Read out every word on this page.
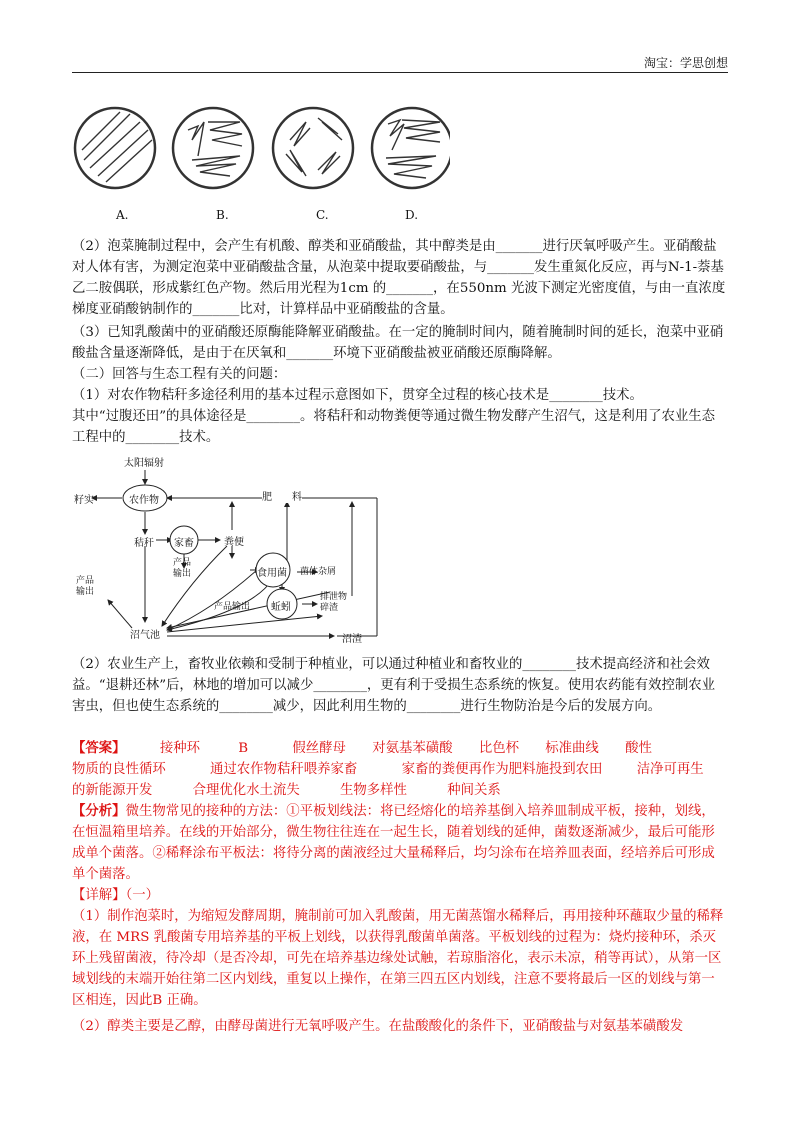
淘宝：学思创想
A.	B.	C.	D.
（2）泡菜腌制过程中，会产生有机酸、醇类和亚硝酸盐，其中醇类是由_______进行厌氧呼吸产生。亚硝酸盐对人体有害，为测定泡菜中亚硝酸盐含量，从泡菜中提取要硝酸盐，与_______发生重氮化反应，再与N-1-萘基乙二胺偶联，形成紫红色产物。然后用光程为1cm 的_______，在550nm 光波下测定光密度值，与由一直浓度梯度亚硝酸钠制作的_______比对，计算样品中亚硝酸盐的含量。
（3）已知乳酸菌中的亚硝酸还原酶能降解亚硝酸盐。在一定的腌制时间内，随着腌制时间的延长，泡菜中亚硝酸盐含量逐渐降低，是由于在厌氧和_______环境下亚硝酸盐被亚硝酸还原酶降解。
（二）回答与生态工程有关的问题：
（1）对农作物秸秆多途径利用的基本过程示意图如下，贯穿全过程的核心技术是________技术。
其中“过腹还田”的具体途径是________。将秸秆和动物粪便等通过微生物发酵产生沼气，这是利用了农业生态工程中的________技术。
太阳辐射
农作物
籽实
秸秆 家畜	粪便
产品
输出	食用菌 菌体杂屑
产品输出 蚯蚓
排泄物
碎渣
产品
输出
沼气池	沼渣
肥　　料
（2）农业生产上，畜牧业依赖和受制于种植业，可以通过种植业和畜牧业的________技术提高经济和社会效益。“退耕还林”后，林地的增加可以减少________，更有利于受损生态系统的恢复。使用农药能有效控制农业害虫，但也使生态系统的________减少，因此利用生物的________进行生物防治是今后的发展方向。
【答案】	接种环	B	假丝酵母 对氨基苯磺酸 比色杯 标准曲线 酸性
物质的良性循环	通过农作物秸秆喂养家畜	家畜的粪便再作为肥料施投到农田	洁净可再生
的新能源开发	合理优化水土流失	生物多样性	种间关系
【分析】微生物常见的接种的方法：①平板划线法：将已经熔化的培养基倒入培养皿制成平板，接种，划线，在恒温箱里培养。在线的开始部分，微生物往往连在一起生长，随着划线的延伸，菌数逐渐减少，最后可能形成单个菌落。②稀释涂布平板法：将待分离的菌液经过大量稀释后，均匀涂布在培养皿表面，经培养后可形成单个菌落。
【详解】（一）
（1）制作泡菜时，为缩短发酵周期，腌制前可加入乳酸菌，用无菌蒸馏水稀释后，再用接种环蘸取少量的稀释液，在 MRS 乳酸菌专用培养基的平板上划线，以获得乳酸菌单菌落。平板划线的过程为：烧灼接种环，杀灭环上残留菌液，待冷却（是否冷却，可先在培养基边缘处试触，若琼脂溶化，表示未凉，稍等再试），从第一区域划线的末端开始往第二区内划线，重复以上操作，在第三四五区内划线，注意不要将最后一区的划线与第一区相连，因此B 正确。
（2）醇类主要是乙醇，由酵母菌进行无氧呼吸产生。在盐酸酸化的条件下，亚硝酸盐与对氨基苯磺酸发
